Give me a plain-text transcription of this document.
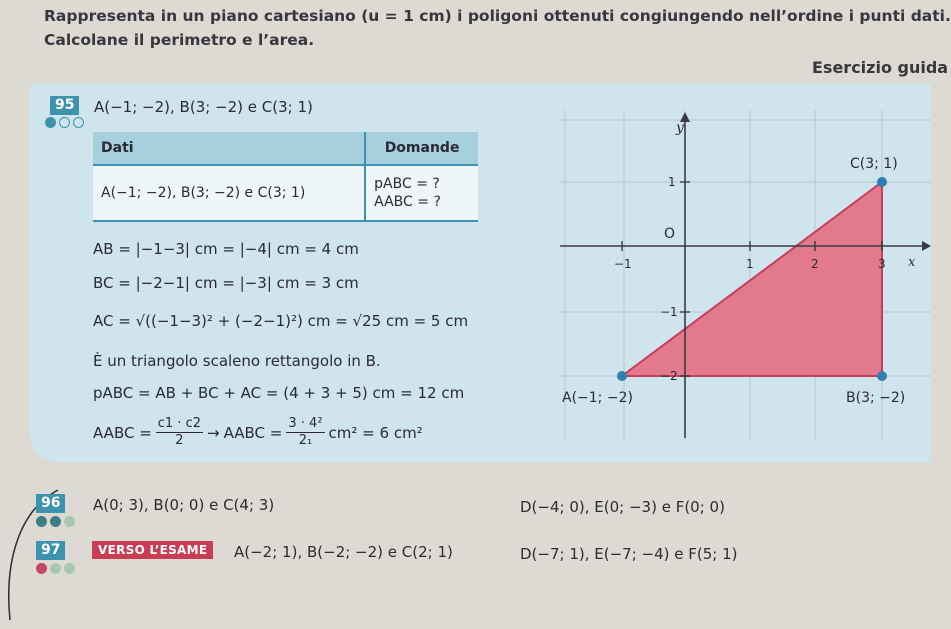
Rappresenta in un piano cartesiano (u = 1 cm) i poligoni ottenuti congiungendo nell’ordine i punti dati.
Calcolane il perimetro e l’area.
Esercizio guida
95	A(−1; −2), B(3; −2) e C(3; 1)
Dati	Domande
A(−1; −2), B(3; −2) e C(3; 1)	pABC = ?
AABC = ?
AB = |−1−3| cm = |−4| cm = 4 cm
BC = |−2−1| cm = |−3| cm = 3 cm
AC = √((−1−3)² + (−2−1)²) cm = √25 cm = 5 cm
È un triangolo scaleno rettangolo in B.
pABC = AB + BC + AC = (4 + 3 + 5) cm = 12 cm
AABC = $\frac{c1 \cdot c2}{2}$ → AABC = $\frac{\text{3 · 4²}}{\text{2₁}} cm^2 = 6$ cm²
y
x
O
−1	1	2	3
1
−1
−2
A(−1; −2)	B(3; −2)
C(3; 1)
96	A(0; 3), B(0; 0) e C(4; 3)	D(−4; 0), E(0; −3) e F(0; 0)
97	VERSO L’ESAME	A(−2; 1), B(−2; −2) e C(2; 1)	D(−7; 1), E(−7; −4) e F(5; 1)
